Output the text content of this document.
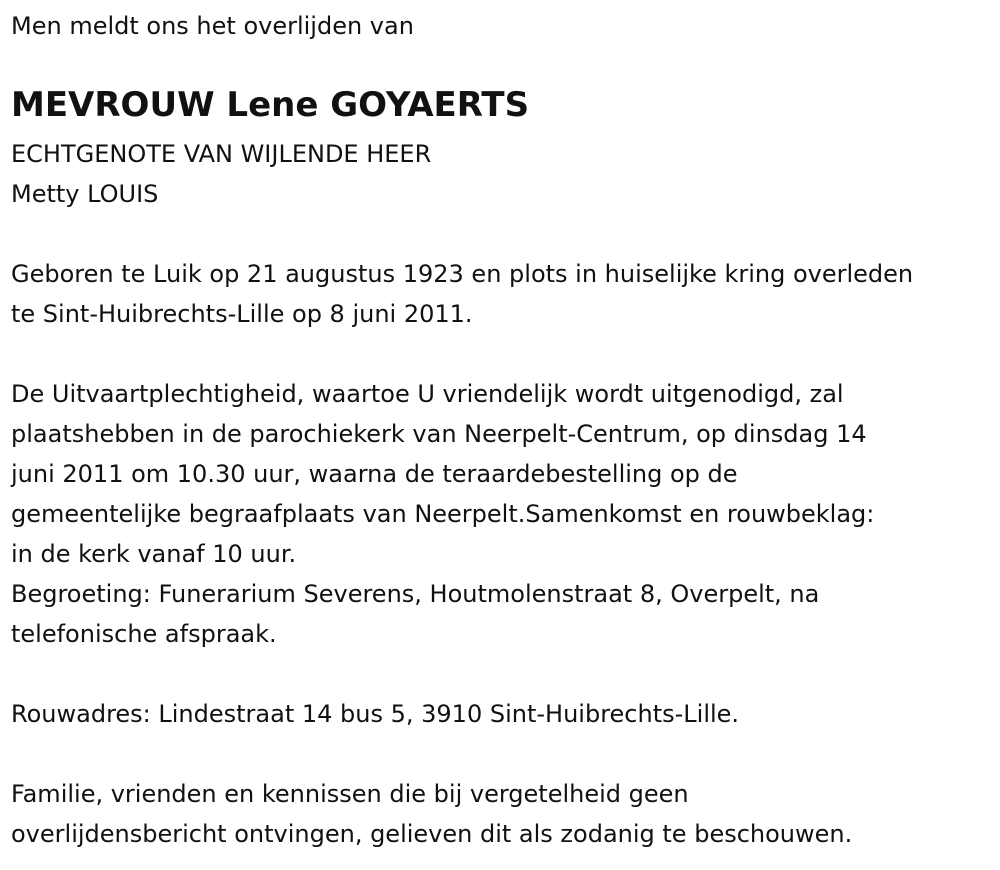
Men meldt ons het overlijden van
MEVROUW Lene GOYAERTS
ECHTGENOTE VAN WIJLENDE HEER
Metty LOUIS
Geboren te Luik op 21 augustus 1923 en plots in huiselijke kring overleden
te Sint-Huibrechts-Lille op 8 juni 2011.
De Uitvaartplechtigheid, waartoe U vriendelijk wordt uitgenodigd, zal
plaatshebben in de parochiekerk van Neerpelt-Centrum, op dinsdag 14
juni 2011 om 10.30 uur, waarna de teraardebestelling op de
gemeentelijke begraafplaats van Neerpelt.Samenkomst en rouwbeklag:
in de kerk vanaf 10 uur.
Begroeting: Funerarium Severens, Houtmolenstraat 8, Overpelt, na
telefonische afspraak.
Rouwadres: Lindestraat 14 bus 5, 3910 Sint-Huibrechts-Lille.
Familie, vrienden en kennissen die bij vergetelheid geen
overlijdensbericht ontvingen, gelieven dit als zodanig te beschouwen.
